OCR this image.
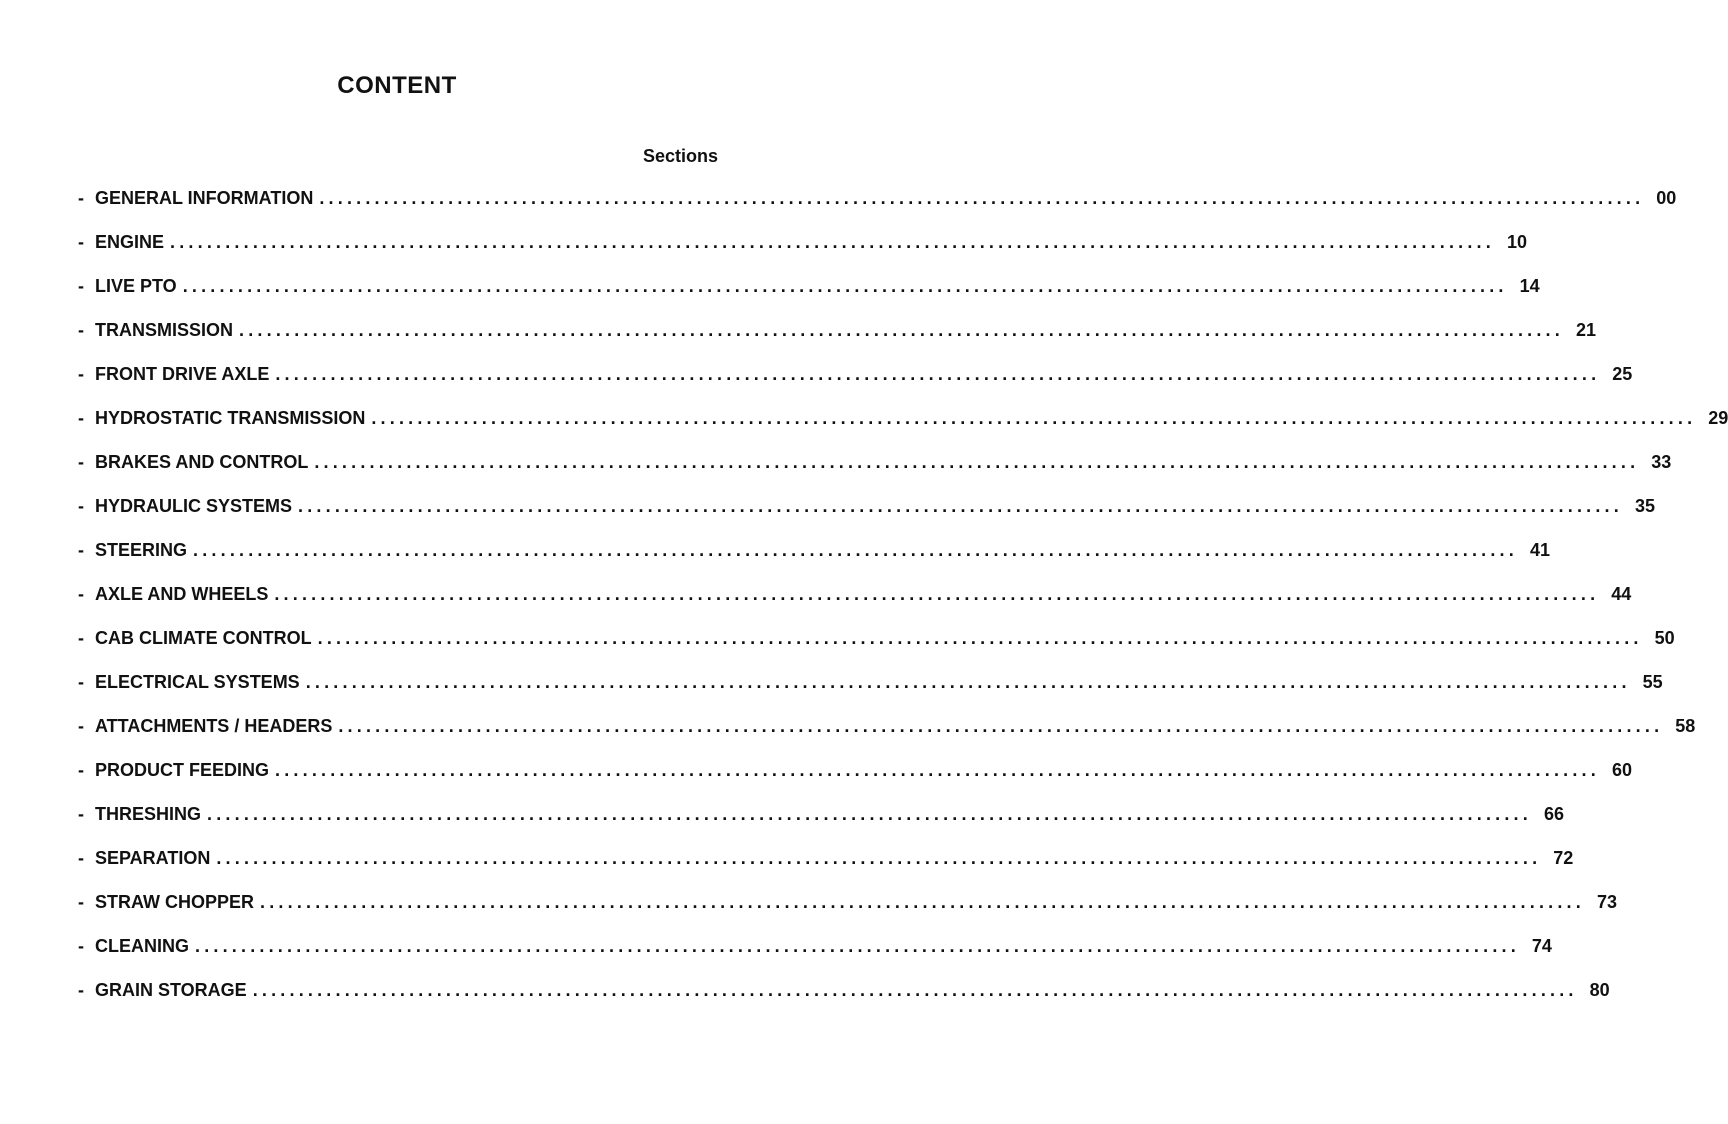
CONTENT
Sections
- GENERAL INFORMATION ................................................................................................................................................ 00
- ENGINE ................................................................................................................................................ 10
- LIVE PTO ................................................................................................................................................ 14
- TRANSMISSION ................................................................................................................................................ 21
- FRONT DRIVE AXLE ................................................................................................................................................ 25
- HYDROSTATIC TRANSMISSION ................................................................................................................................................ 29
- BRAKES AND CONTROL ................................................................................................................................................ 33
- HYDRAULIC SYSTEMS ................................................................................................................................................ 35
- STEERING ................................................................................................................................................ 41
- AXLE AND WHEELS ................................................................................................................................................ 44
- CAB CLIMATE CONTROL ................................................................................................................................................ 50
- ELECTRICAL SYSTEMS ................................................................................................................................................ 55
- ATTACHMENTS / HEADERS ................................................................................................................................................ 58
- PRODUCT FEEDING ................................................................................................................................................ 60
- THRESHING ................................................................................................................................................ 66
- SEPARATION ................................................................................................................................................ 72
- STRAW CHOPPER ................................................................................................................................................ 73
- CLEANING ................................................................................................................................................ 74
- GRAIN STORAGE ................................................................................................................................................ 80
